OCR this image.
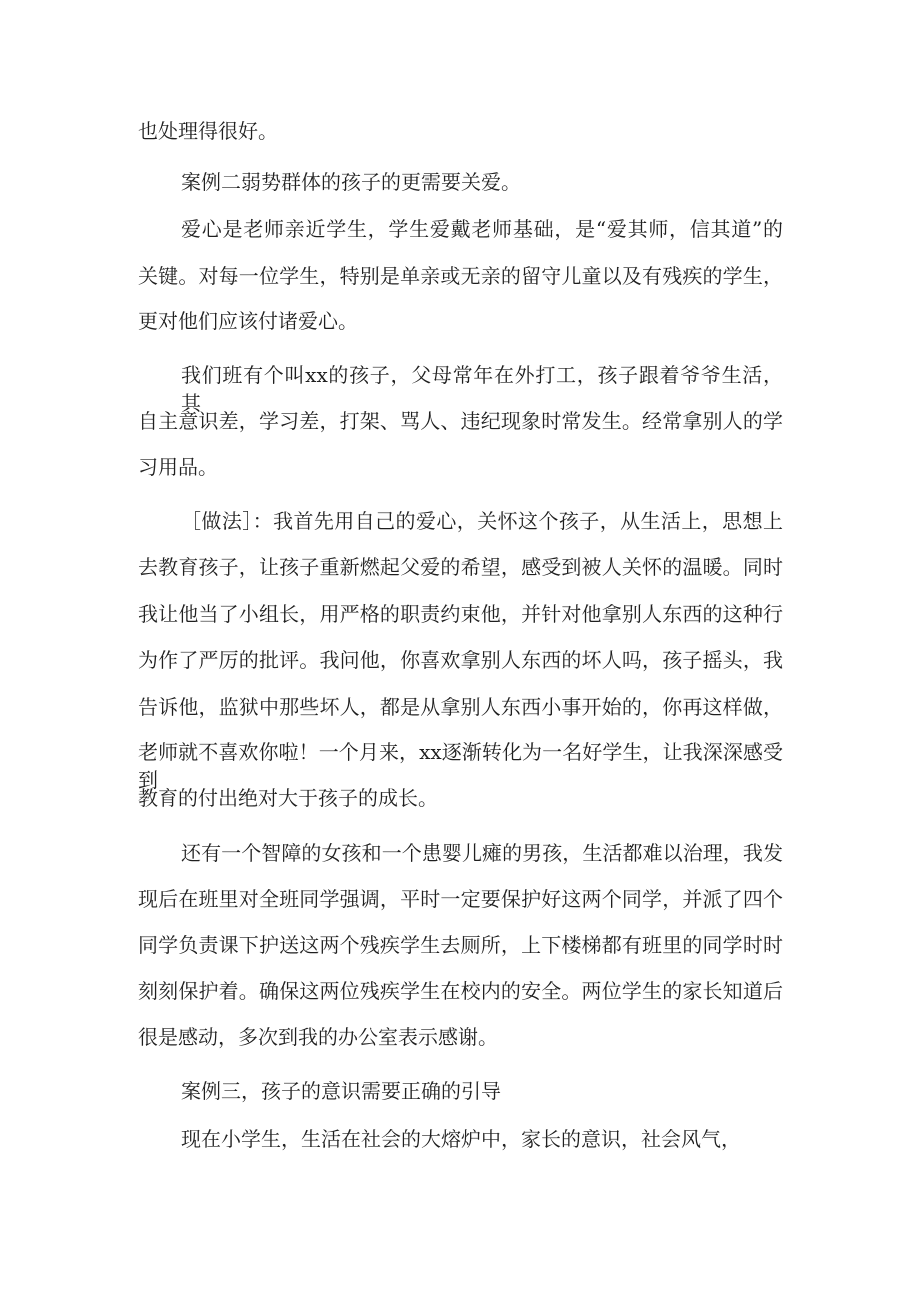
也处理得很好。

案例二弱势群体的孩子的更需要关爱。

爱心是老师亲近学生，学生爱戴老师基础，是“爱其师，信其道”的

关键。对每一位学生，特别是单亲或无亲的留守儿童以及有残疾的学生，

更对他们应该付诸爱心。

我们班有个叫xx的孩子，父母常年在外打工，孩子跟着爷爷生活，其

自主意识差，学习差，打架、骂人、违纪现象时常发生。经常拿别人的学

习用品。

［做法］：我首先用自己的爱心，关怀这个孩子，从生活上，思想上

去教育孩子，让孩子重新燃起父爱的希望，感受到被人关怀的温暖。同时

我让他当了小组长，用严格的职责约束他，并针对他拿别人东西的这种行

为作了严厉的批评。我问他，你喜欢拿别人东西的坏人吗，孩子摇头，我

告诉他，监狱中那些坏人，都是从拿别人东西小事开始的，你再这样做，

老师就不喜欢你啦！一个月来，xx逐渐转化为一名好学生，让我深深感受到

教育的付出绝对大于孩子的成长。

还有一个智障的女孩和一个患婴儿瘫的男孩，生活都难以治理，我发

现后在班里对全班同学强调，平时一定要保护好这两个同学，并派了四个

同学负责课下护送这两个残疾学生去厕所，上下楼梯都有班里的同学时时

刻刻保护着。确保这两位残疾学生在校内的安全。两位学生的家长知道后

很是感动，多次到我的办公室表示感谢。

案例三，孩子的意识需要正确的引导

现在小学生，生活在社会的大熔炉中，家长的意识，社会风气，
